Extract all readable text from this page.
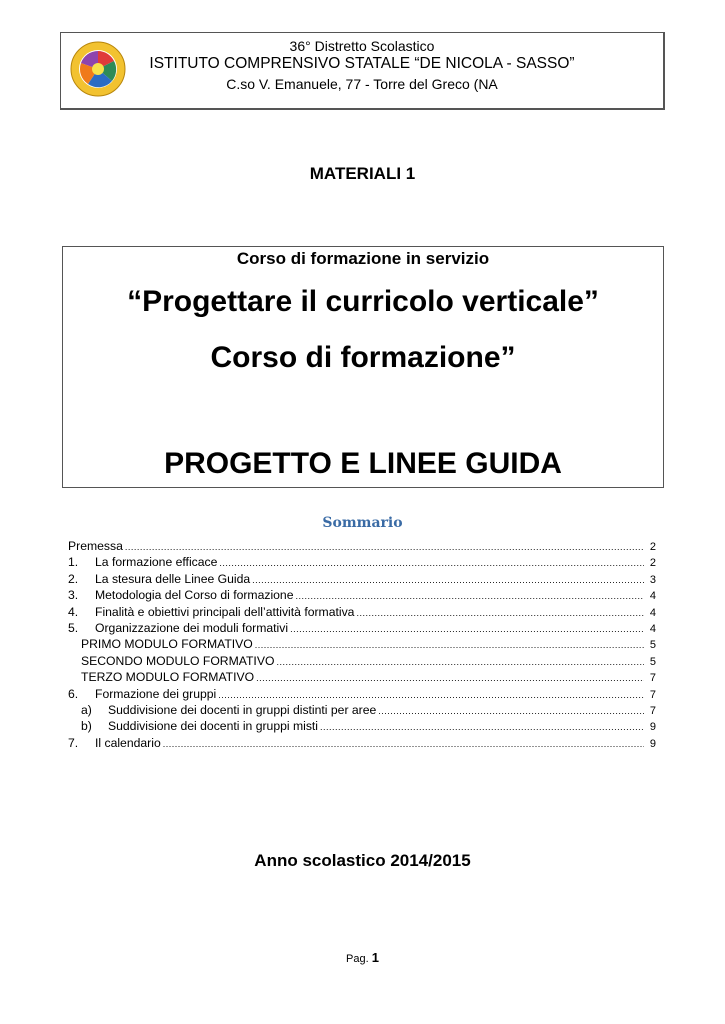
36° Distretto Scolastico
ISTITUTO COMPRENSIVO STATALE “DE NICOLA - SASSO”
C.so V. Emanuele, 77 - Torre del Greco (NA
MATERIALI 1
Corso di formazione in servizio
“Progettare il curricolo verticale”
Corso di formazione”
PROGETTO E LINEE GUIDA
Sommario
Premessa .....	2
1.	La formazione efficace .....	2
2.	La stesura delle Linee Guida .....	3
3.	Metodologia del Corso di formazione .....	4
4.	Finalità e obiettivi principali dell’attività formativa .....	4
5.	Organizzazione dei moduli formativi .....	4
PRIMO MODULO FORMATIVO .....	5
SECONDO MODULO FORMATIVO .....	5
TERZO MODULO FORMATIVO .....	7
6.	Formazione dei gruppi .....	7
a)	Suddivisione dei docenti in gruppi distinti per aree .....	7
b)	Suddivisione dei docenti in gruppi misti .....	9
7.	Il calendario .....	9
Anno scolastico 2014/2015
Pag. 1
